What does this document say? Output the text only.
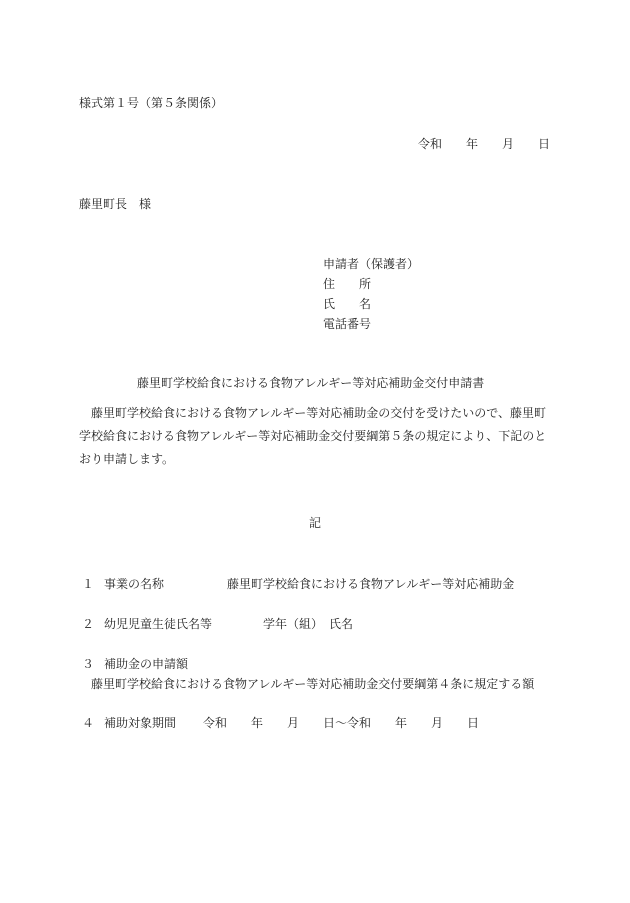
様式第１号（第５条関係）
令和　　年　　月　　日
藤里町長　様
申請者（保護者）
住　　所
氏　　名
電話番号
藤里町学校給食における食物アレルギー等対応補助金交付申請書
　藤里町学校給食における食物アレルギー等対応補助金の交付を受けたいので、藤里町
学校給食における食物アレルギー等対応補助金交付要綱第５条の規定により、下記のと
おり申請します。
記
１ 事業の名称	藤里町学校給食における食物アレルギー等対応補助金
２ 幼児児童生徒氏名等	学年（組）　氏名
３ 補助金の申請額
藤里町学校給食における食物アレルギー等対応補助金交付要綱第４条に規定する額
４ 補助対象期間 令和　　年　　月　　日～令和　　年　　月　　日
